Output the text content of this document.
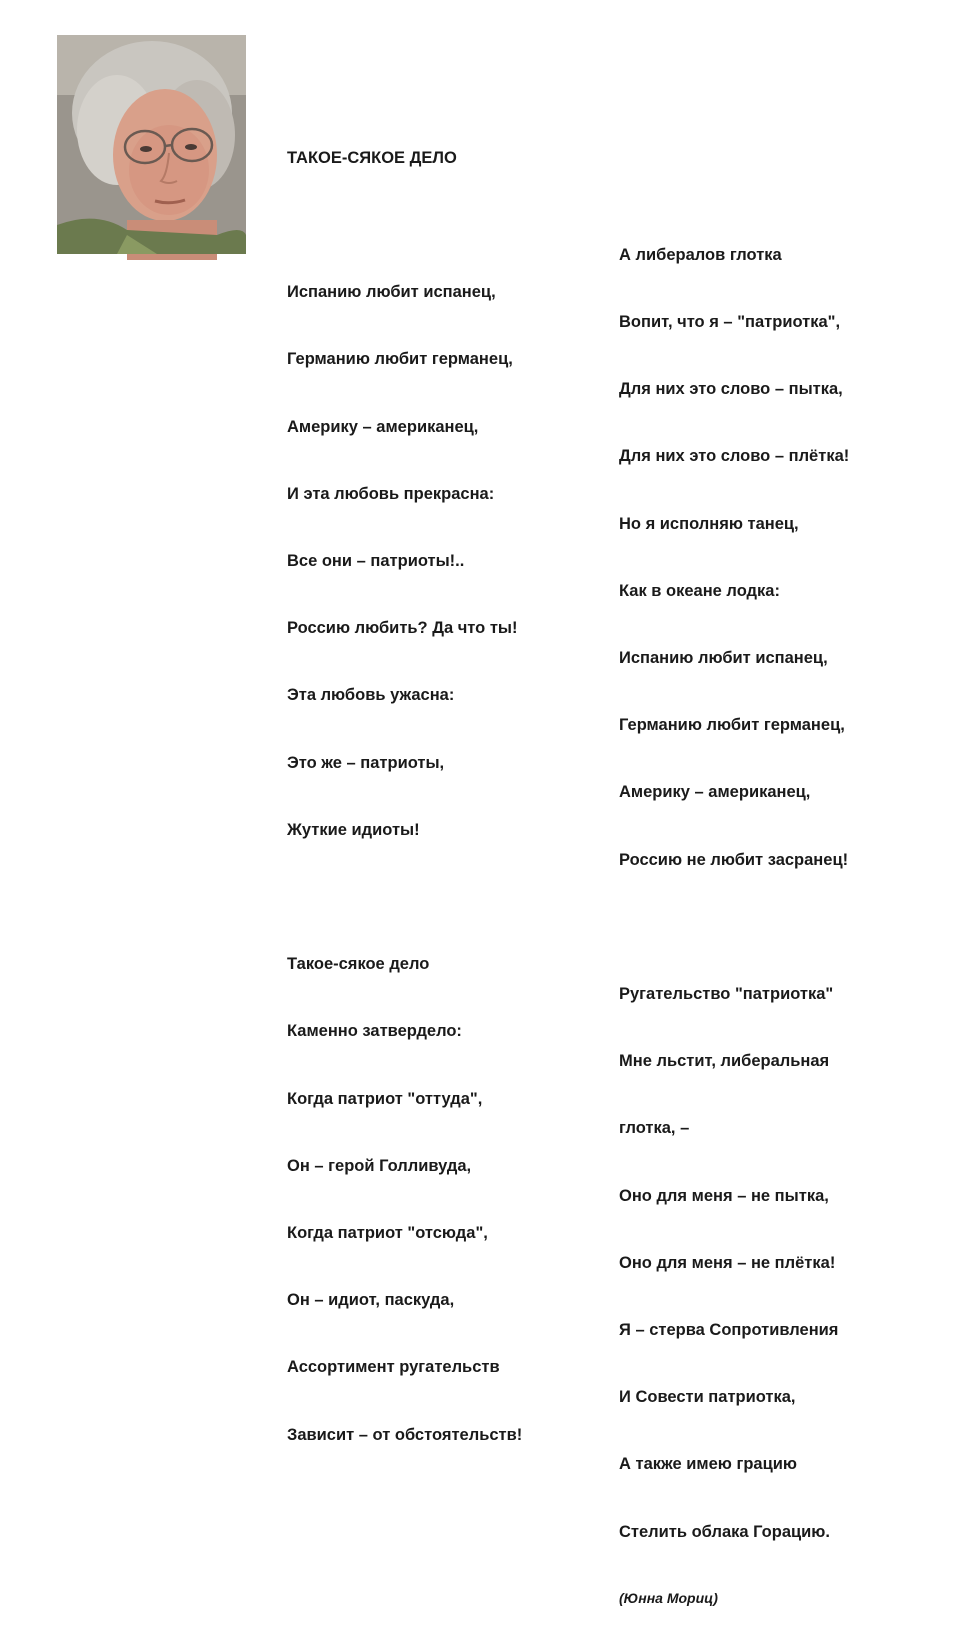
ТАКОЕ-СЯКОЕ ДЕЛО

Испанию любит испанец,

Германию любит германец,

Америку – американец,

И эта любовь прекрасна:

Все они – патриоты!..

Россию любить? Да что ты!

Эта любовь ужасна:

Это же – патриоты,

Жуткие идиоты!

Такое-сякое дело

Каменно затвердело:

Когда патриот "оттуда",

Он – герой Голливуда,

Когда патриот "отсюда",

Он – идиот, паскуда,

Ассортимент ругательств

Зависит – от обстоятельств!

А либералов глотка

Вопит, что я – "патриотка",

Для них это слово – пытка,

Для них это слово – плётка!

Но я исполняю танец,

Как в океане лодка:

Испанию любит испанец,

Германию любит германец,

Америку – американец,

Россию не любит засранец!

Ругательство "патриотка"

Мне льстит, либеральная

глотка, –

Оно для меня – не пытка,

Оно для меня – не плётка!

Я – стерва Сопротивления

И Совести патриотка,

А также имею грацию

Стелить облака Горацию.

(Юнна Мориц)
